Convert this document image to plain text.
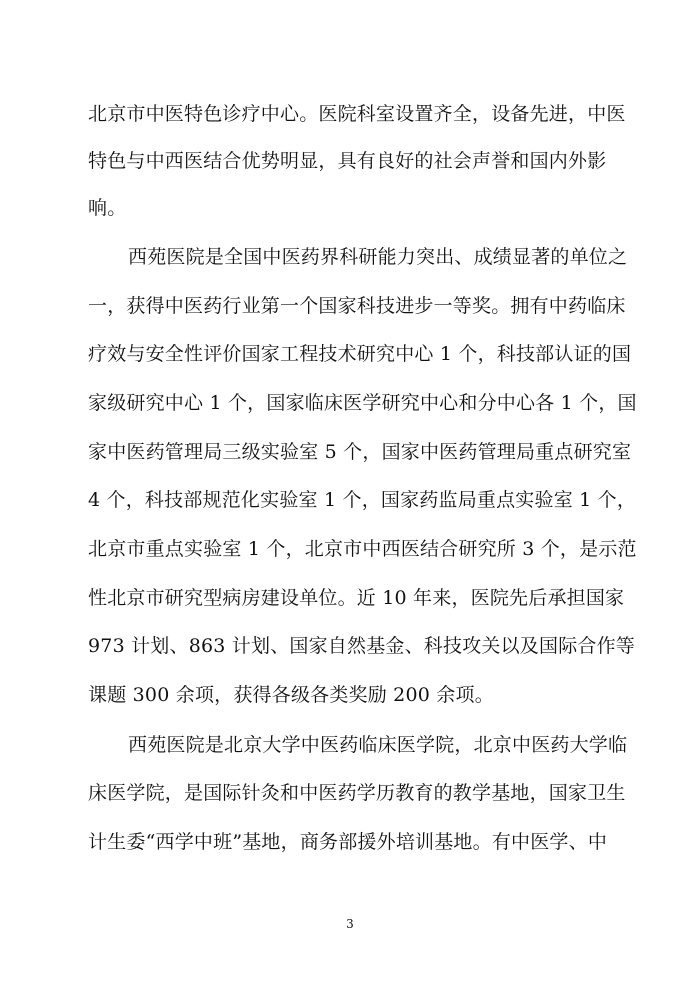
北京市中医特色诊疗中心。医院科室设置齐全，设备先进，中医
特色与中西医结合优势明显，具有良好的社会声誉和国内外影
响。
西苑医院是全国中医药界科研能力突出、成绩显著的单位之
一，获得中医药行业第一个国家科技进步一等奖。拥有中药临床
疗效与安全性评价国家工程技术研究中心 1 个，科技部认证的国
家级研究中心 1 个，国家临床医学研究中心和分中心各 1 个，国
家中医药管理局三级实验室 5 个，国家中医药管理局重点研究室
4 个，科技部规范化实验室 1 个，国家药监局重点实验室 1 个，
北京市重点实验室 1 个，北京市中西医结合研究所 3 个，是示范
性北京市研究型病房建设单位。近 10 年来，医院先后承担国家
973 计划、863 计划、国家自然基金、科技攻关以及国际合作等
课题 300 余项，获得各级各类奖励 200 余项。
西苑医院是北京大学中医药临床医学院，北京中医药大学临
床医学院，是国际针灸和中医药学历教育的教学基地，国家卫生
计生委“西学中班”基地，商务部援外培训基地。有中医学、中
3
